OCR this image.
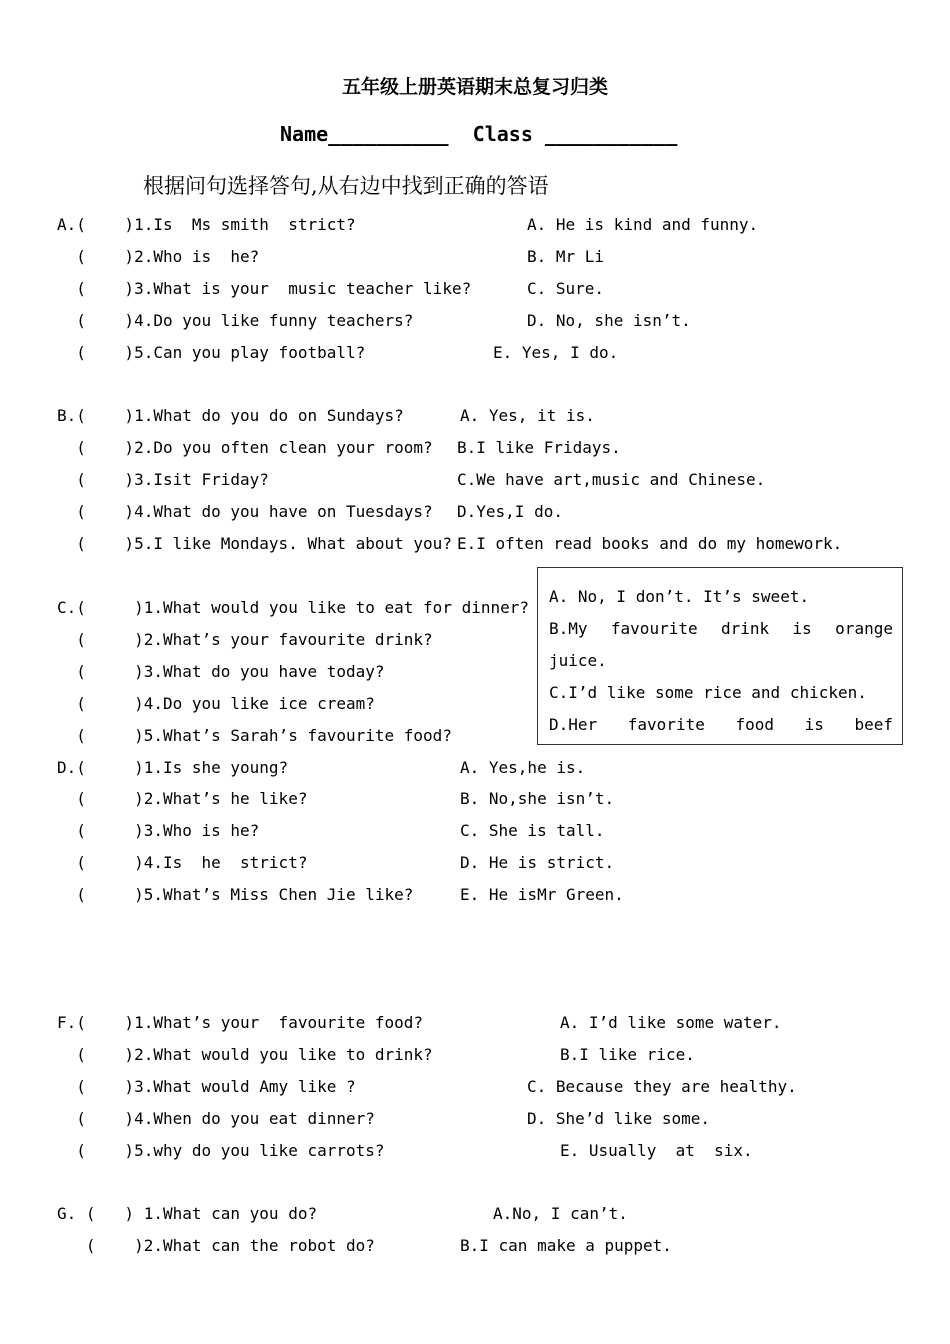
五年级上册英语期末总复习归类
Name__________  Class ___________
根据问句选择答句,从右边中找到正确的答语
A.(    )1.Is  Ms smith  strict?
(    )2.Who is  he?
(    )3.What is your  music teacher like?
(    )4.Do you like funny teachers?
(    )5.Can you play football?
A. He is kind and funny.
B. Mr Li
C. Sure.
D. No, she isn’t.
E. Yes, I do.
B.(    )1.What do you do on Sundays?
(    )2.Do you often clean your room?
(    )3.Isit Friday?
(    )4.What do you have on Tuesdays?
(    )5.I like Mondays. What about you?
A. Yes, it is.
B.I like Fridays.
C.We have art,music and Chinese.
D.Yes,I do.
E.I often read books and do my homework.
C.(     )1.What would you like to eat for dinner?
(     )2.What’s your favourite drink?
(     )3.What do you have today?
(     )4.Do you like ice cream?
(     )5.What’s Sarah’s favourite food?
A. No, I don’t. It’s sweet.
B.My favourite drink is orange
juice.
C.I’d like some rice and chicken.
D.Her favorite food is beef
D.(     )1.Is she young?
(     )2.What’s he like?
(     )3.Who is he?
(     )4.Is  he  strict?
(     )5.What’s Miss Chen Jie like?
A. Yes,he is.
B. No,she isn’t.
C. She is tall.
D. He is strict.
E. He isMr Green.
F.(    )1.What’s your  favourite food?
(    )2.What would you like to drink?
(    )3.What would Amy like ?
(    )4.When do you eat dinner?
(    )5.why do you like carrots?
A. I’d like some water.
B.I like rice.
C. Because they are healthy.
D. She’d like some.
E. Usually  at  six.
G. (   ) 1.What can you do?
(    )2.What can the robot do?
A.No, I can’t.
B.I can make a puppet.
